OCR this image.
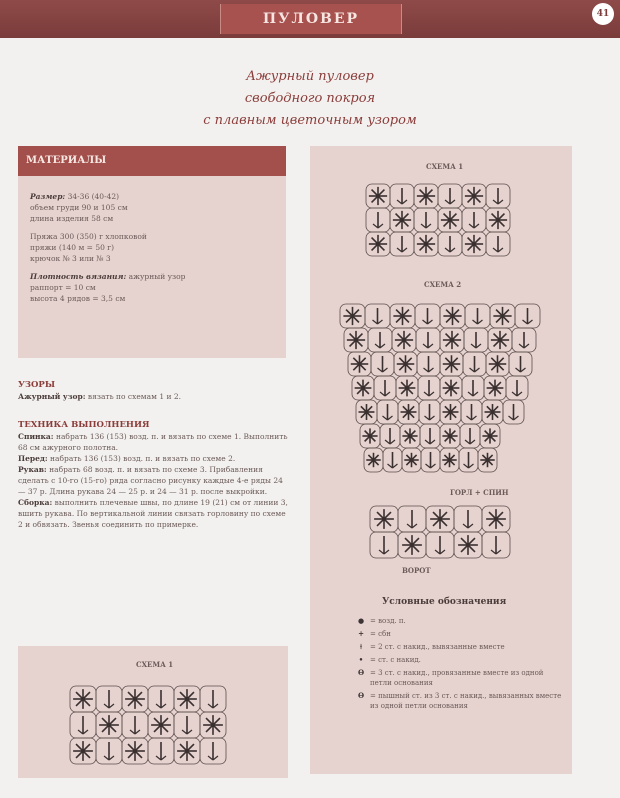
ПУЛОВЕР	41
Ажурный пуловер
свободного покроя
с плавным цветочным узором
МАТЕРИАЛЫ

Размер: 34-36 (40-42)
объем груди 90 и 105 см
длина изделия 58 см

Пряжа 300 (350) г хлопковой
пряжи (140 м = 50 г)
крючок № 3 или № 3

Плотность вязания: ажурный узор
раппорт = 10 см
высота 4 рядов = 3,5 см

УЗОРЫ

Ажурный узор: вязать по схемам 1 и 2.

ТЕХНИКА ВЫПОЛНЕНИЯ

Спинка: набрать 136 (153) возд. п. и вязать по схеме 1. Выполнить 68 см ажурного полотна.

Перед: набрать 136 (153) возд. п. и вязать по схеме 2.

Рукав: набрать 68 возд. п. и вязать по схеме 3. Прибавления сделать с 10-го (15-го) ряда согласно рисунку каждые 4-е ряды 24 — 37 р. Длина рукава 24 — 25 р. и 24 — 31 р. после выкройки.

Сборка: выполнить плечевые швы, по длине 19 (21) см от линии 3, вшить рукава. По вертикальной линии связать горловину по схеме 2 и обвязать. Звенья соединить по примерке.

СХЕМА 1
СХЕМА 1
СХЕМА 2
ГОРЛ + СПИН
ВОРОТ
Условные обозначения
● = возд. п.
+ = сбн
⟊	= 2 ст. с накид., вывязанные вместе
• = ст. с накид.
Ɵ = 3 ст. с накид., провязанные вместе из одной петли основания
Ɵ = пышный ст. из 3 ст. с накид., вывязанных вместе из одной петли основания
